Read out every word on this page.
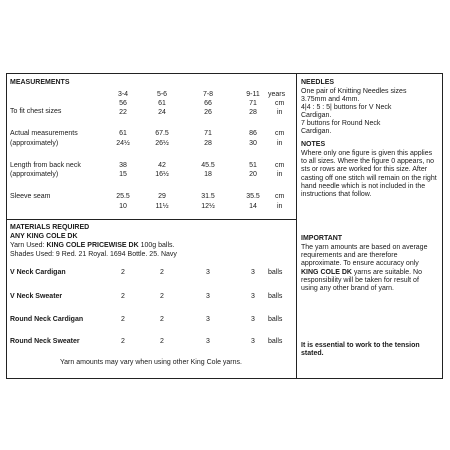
MEASUREMENTS
3-4	5-6	7-8	9-11	years
To fit chest sizes
56	61	66	71	cm
22	24	26	28	in
Actual measurements
(approximately)
61	67.5	71	86	cm
24½	26½	28	30	in
Length from back neck
(approximately)
38	42	45.5	51	cm
15	16½	18	20	in
Sleeve seam	25.5	29	31.5	35.5	cm
10	11½	12½	14	in
MATERIALS REQUIRED
ANY KING COLE DK
Yarn Used: KING COLE PRICEWISE DK 100g balls.
Shades Used: 9 Red. 21 Royal. 1694 Bottle. 25. Navy
V Neck Cardigan	2	2	3	3	balls
V Neck Sweater	2	2	3	3	balls
Round Neck Cardigan	2	2	3	3	balls
Round Neck Sweater	2	2	3	3	balls
Yarn amounts may vary when using other King Cole yarns.
NEEDLES
One pair of Knitting Needles sizes
3.75mm and 4mm.
4|4 : 5 : 5| buttons for V Neck
Cardigan.
7 buttons for Round Neck
Cardigan.
NOTES
Where only one figure is given this applies to all sizes. Where the figure 0 appears, no sts or rows are worked for this size. After casting off one stitch will remain on the right hand needle which is not included in the instructions that follow.
IMPORTANT
The yarn amounts are based on average requirements and are therefore approximate. To ensure accuracy only KING COLE DK yarns are suitable. No responsibility will be taken for result of using any other brand of yarn.
It is essential to work to the tension stated.
